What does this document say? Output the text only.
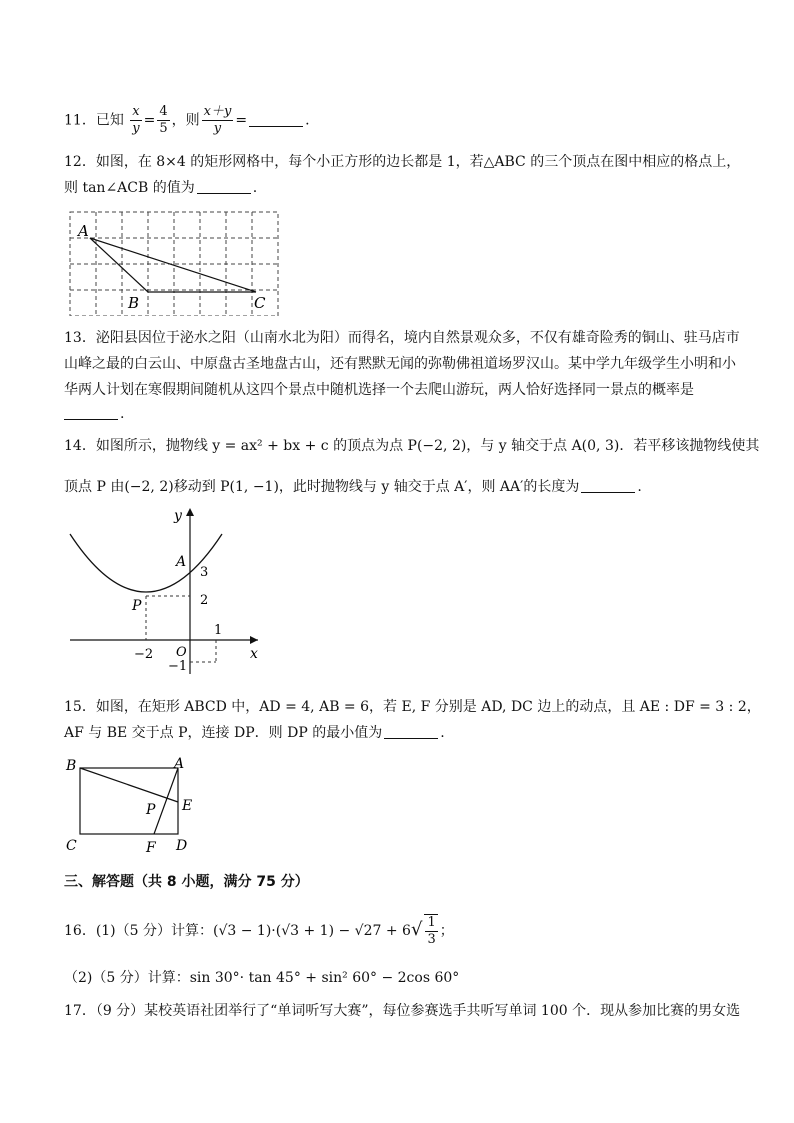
11．已知 $\frac{x}{y} = \frac{4}{5}$ ，则 $\frac{x+y}{y}$ =	.
12．如图，在 8×4 的矩形网格中，每个小正方形的边长都是 1，若△ABC 的三个顶点在图中相应的格点上，
则 tan∠ACB 的值为	.
A
B	C
13．泌阳县因位于泌水之阳（山南水北为阳）而得名，境内自然景观众多，不仅有雄奇险秀的铜山、驻马店市
山峰之最的白云山、中原盘古圣地盘古山，还有黙默无闻的弥勒佛祖道场罗汉山。某中学九年级学生小明和小
华两人计划在寒假期间随机从这四个景点中随机选择一个去爬山游玩，两人恰好选择同一景点的概率是
.
14．如图所示，抛物线 y = ax² + bx + c 的顶点为点 P(−2, 2)，与 y 轴交于点 A(0, 3)．若平移该抛物线使其
顶点 P 由(−2, 2)移动到 P(1, −1)，此时抛物线与 y 轴交于点 A′，则 AA′的长度为	.
A
3
P	2
1
−2 O
−1
y
x
15．如图，在矩形 ABCD 中，AD = 4, AB = 6，若 E, F 分别是 AD, DC 边上的动点，且 AE : DF = 3 : 2，
AF 与 BE 交于点 P，连接 DP．则 DP 的最小值为	.
B	A
P E
C	F D
三、解答题（共 8 小题，满分 75 分）
16．(1)（5 分）计算：$(√3 - 1)\cdot(√3 + 1) - √27 + 6√ \frac{1}{3}$ ；
（2)（5 分）计算：sin 30°· tan 45° + sin² 60° − 2cos 60°
17．（9 分）某校英语社团举行了“单词听写大赛”，每位参赛选手共听写单词 100 个．现从参加比赛的男女选
